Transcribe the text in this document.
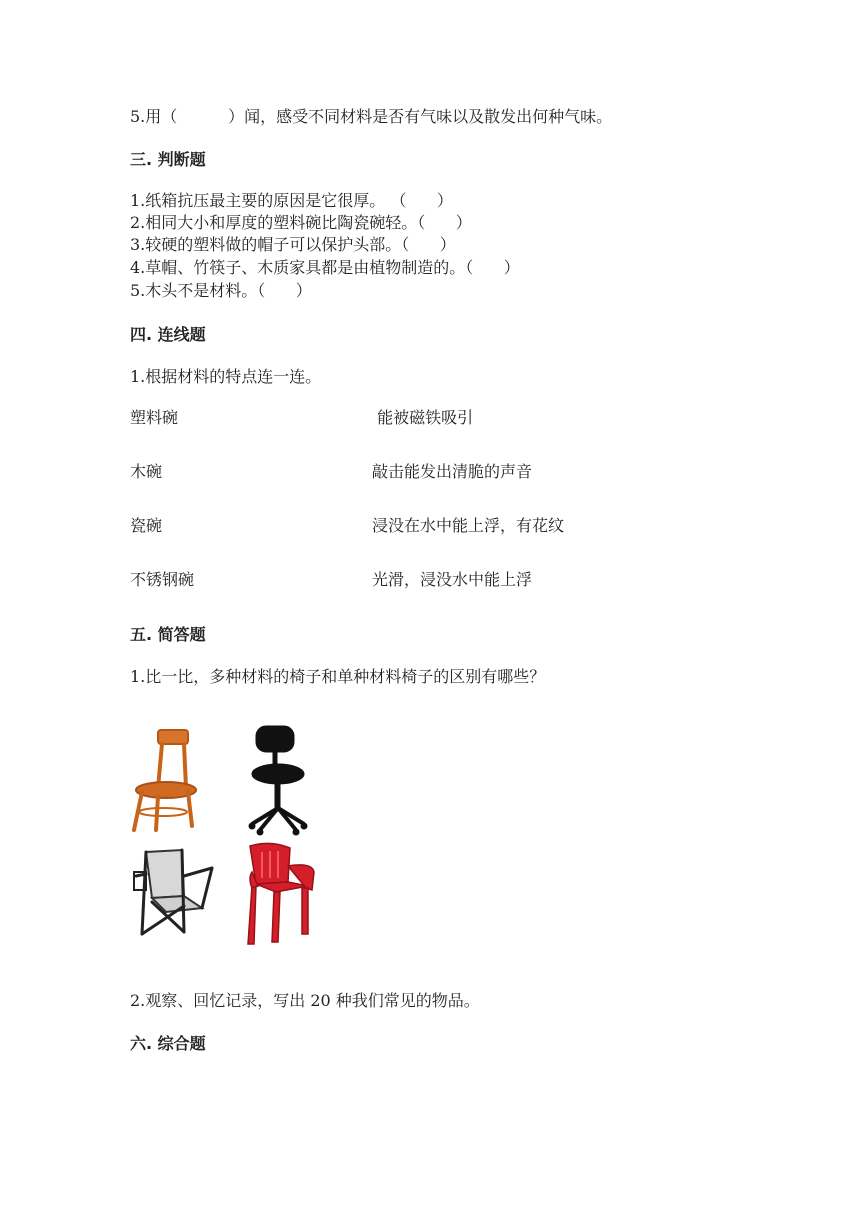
5.用（          ）闻，感受不同材料是否有气味以及散发出何种气味。
三. 判断题
1.纸箱抗压最主要的原因是它很厚。 （      ）
2.相同大小和厚度的塑料碗比陶瓷碗轻。（      ）
3.较硬的塑料做的帽子可以保护头部。（      ）
4.草帽、竹筷子、木质家具都是由植物制造的。（      ）
5.木头不是材料。（      ）
四. 连线题
1.根据材料的特点连一连。
塑料碗	能被磁铁吸引
木碗	敲击能发出清脆的声音
瓷碗	浸没在水中能上浮，有花纹
不锈钢碗	光滑，浸没水中能上浮
五. 简答题
1.比一比，多种材料的椅子和单种材料椅子的区别有哪些？
2.观察、回忆记录，写出 20 种我们常见的物品。
六. 综合题
